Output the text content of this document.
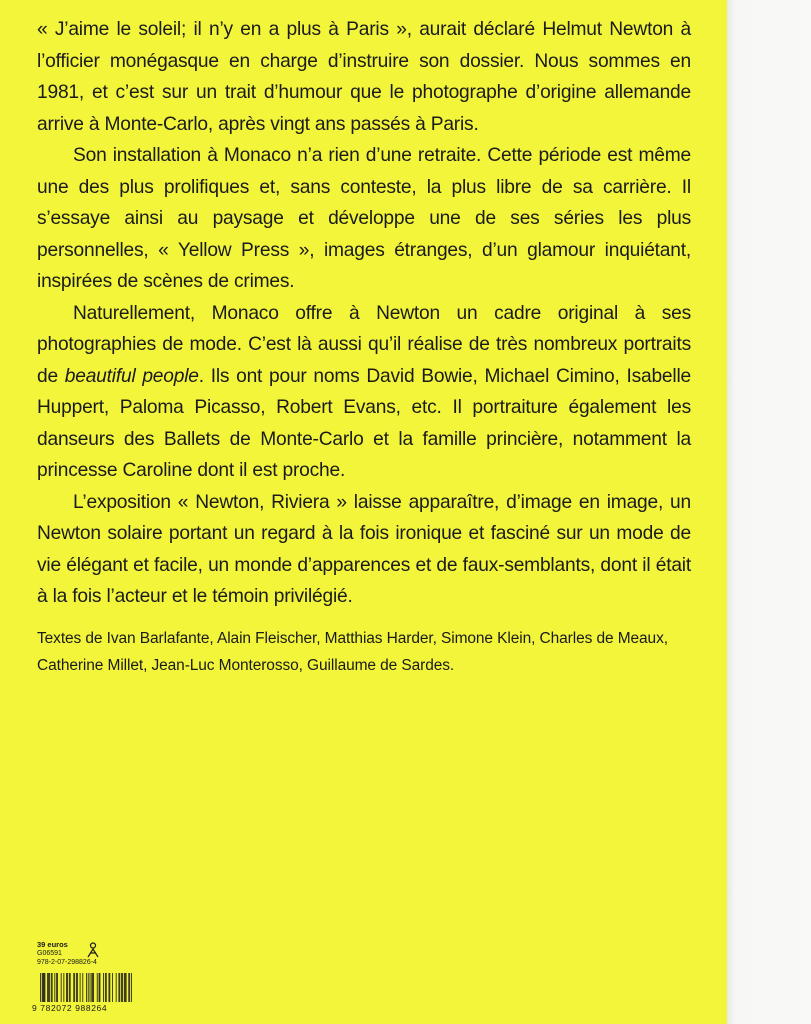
« J’aime le soleil; il n’y en a plus à Paris », aurait déclaré Helmut Newton à l’officier monégasque en charge d’instruire son dossier. Nous sommes en 1981, et c’est sur un trait d’humour que le photographe d’origine allemande arrive à Monte-Carlo, après vingt ans passés à Paris.

Son installation à Monaco n’a rien d’une retraite. Cette période est même une des plus prolifiques et, sans conteste, la plus libre de sa carrière. Il s’essaye ainsi au paysage et développe une de ses séries les plus personnelles, « Yellow Press », images étranges, d’un glamour inquiétant, inspirées de scènes de crimes.

Naturellement, Monaco offre à Newton un cadre original à ses photographies de mode. C’est là aussi qu’il réalise de très nombreux portraits de beautiful people. Ils ont pour noms David Bowie, Michael Cimino, Isabelle Huppert, Paloma Picasso, Robert Evans, etc. Il portraiture également les danseurs des Ballets de Monte-Carlo et la famille princière, notamment la princesse Caroline dont il est proche.

L’exposition « Newton, Riviera » laisse apparaître, d’image en image, un Newton solaire portant un regard à la fois ironique et fasciné sur un mode de vie élégant et facile, un monde d’apparences et de faux-semblants, dont il était à la fois l’acteur et le témoin privilégié.

Textes de Ivan Barlafante, Alain Fleischer, Matthias Harder, Simone Klein, Charles de Meaux, Catherine Millet, Jean-Luc Monterosso, Guillaume de Sardes.

39 euros
G06591
978-2-07-298826-4
9 782072 988264
